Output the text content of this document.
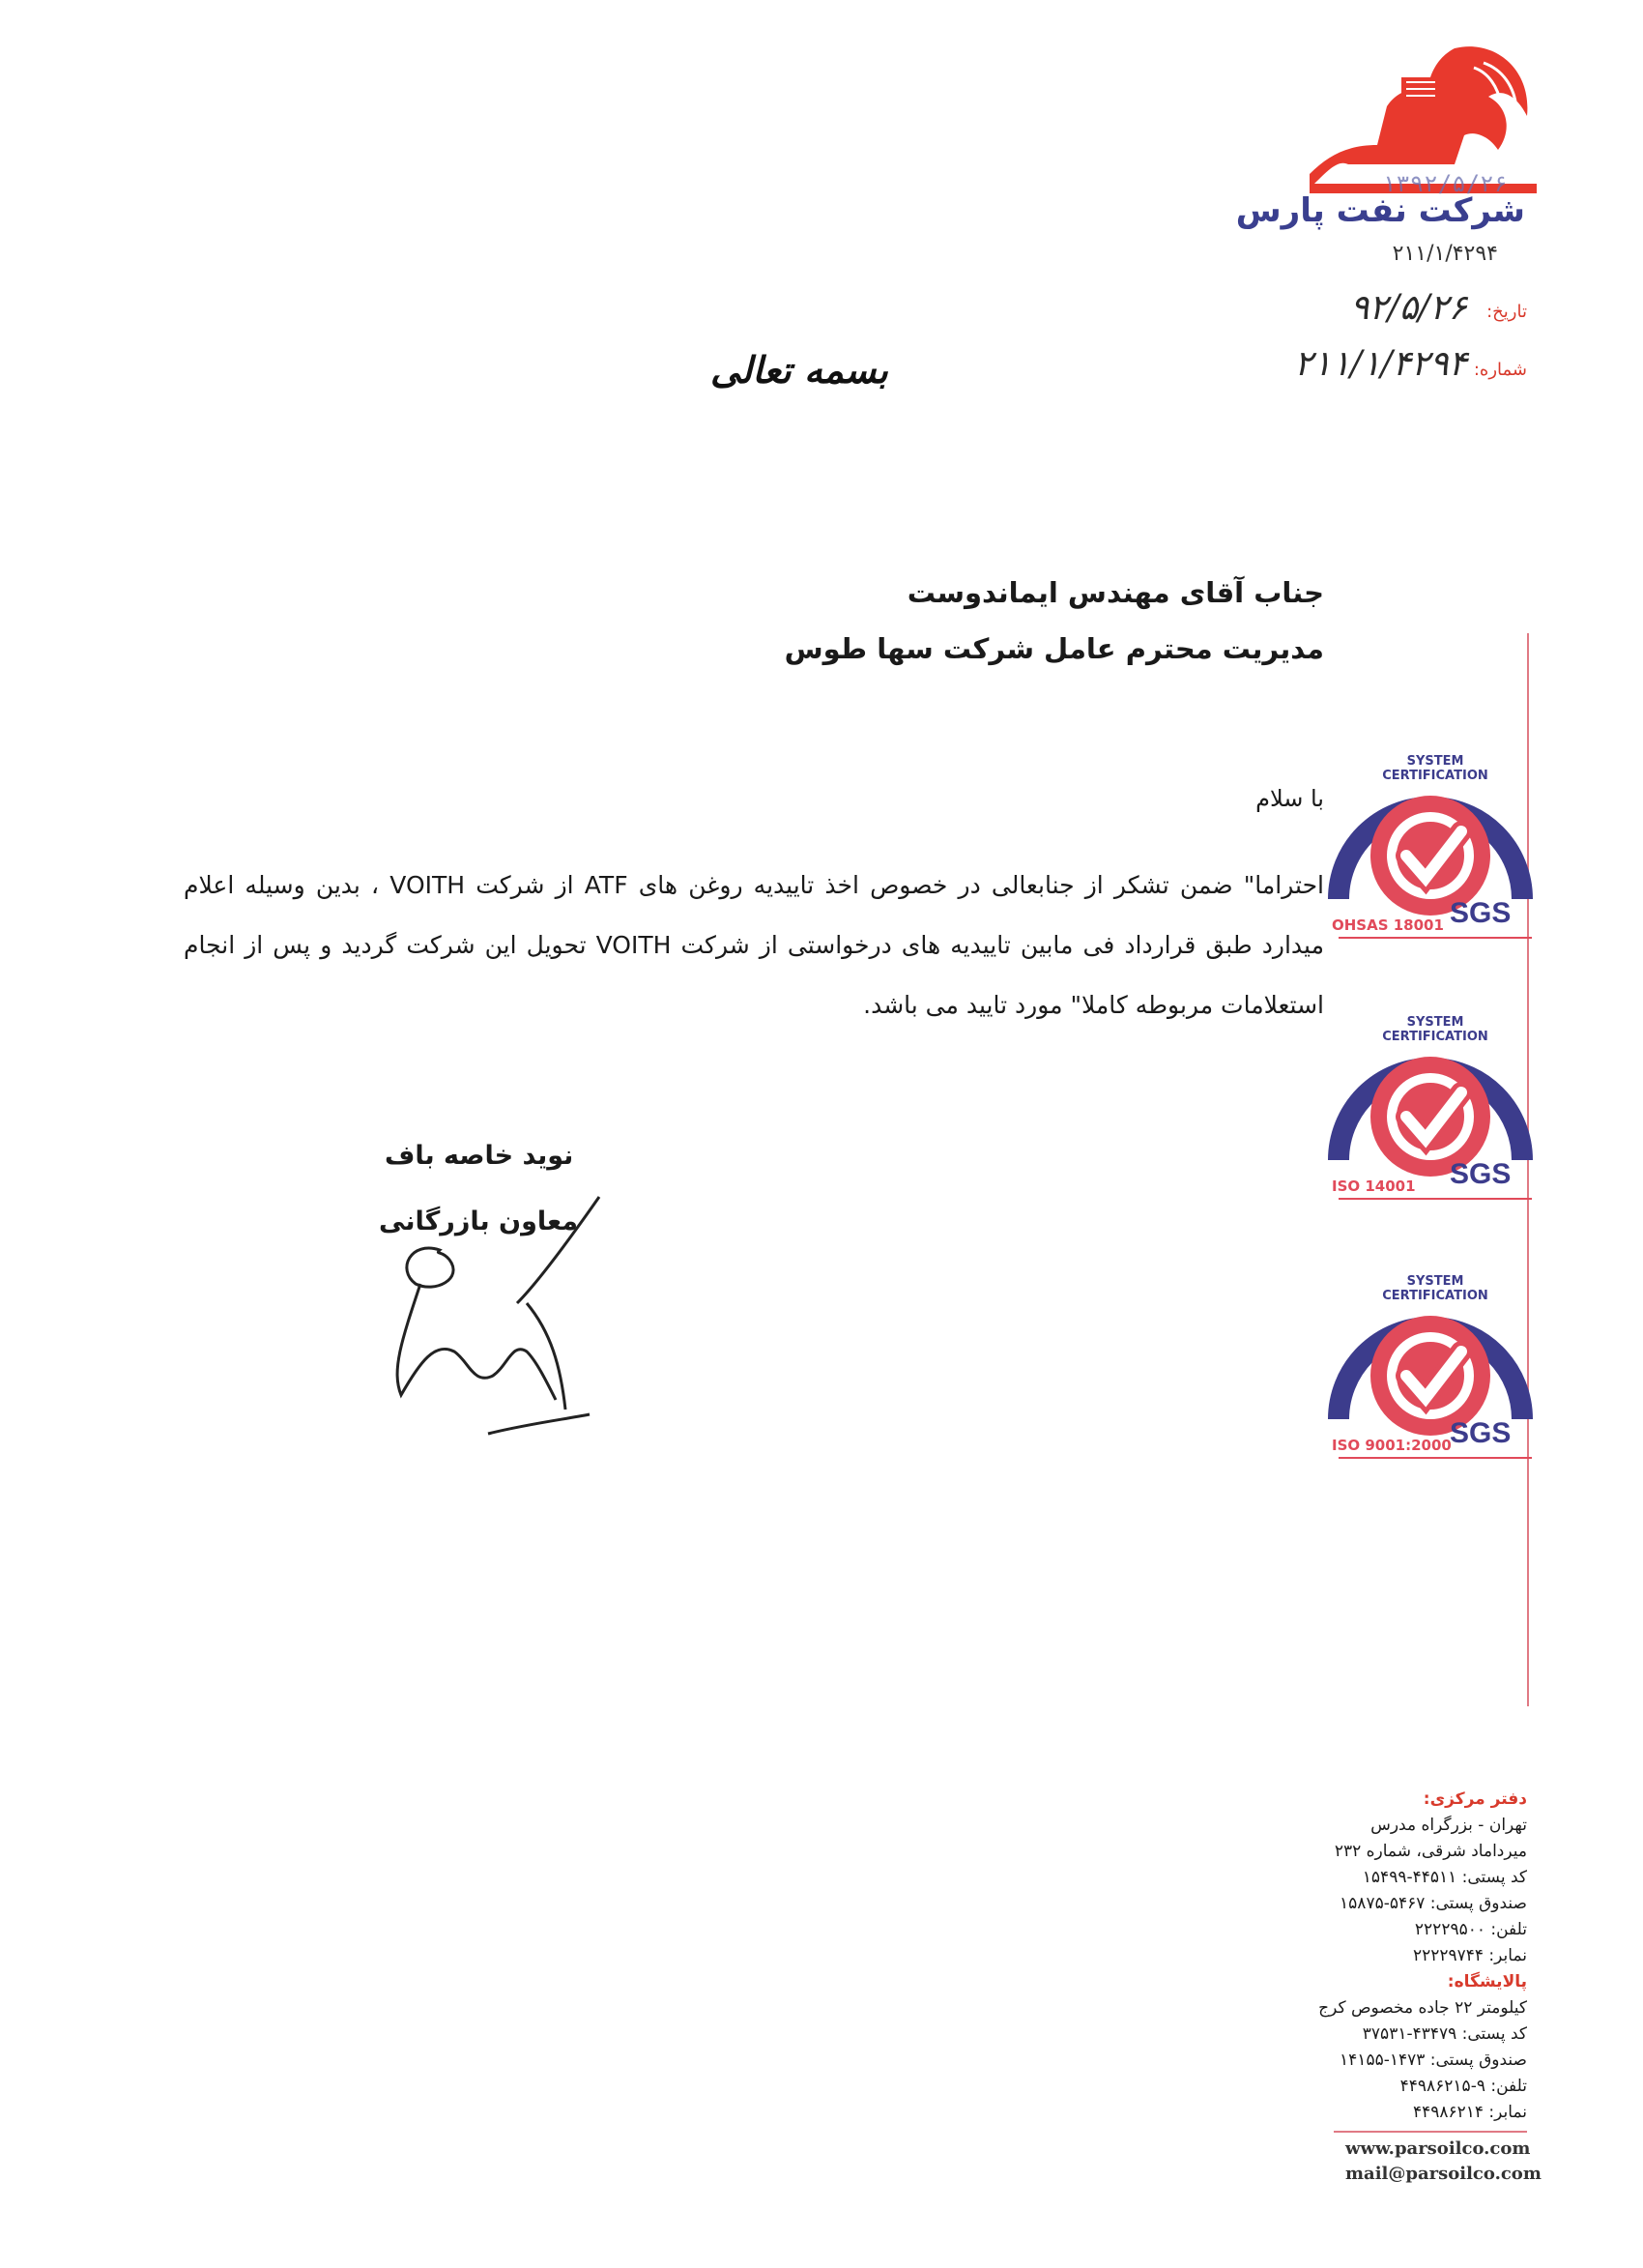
۱۳۹۲/۵/۲۶
شرکت نفت پارس
۲۱۱/۱/۴۲۹۴
تاریخ:
۹۲/۵/۲۶
شماره:
۲۱۱/۱/۴۲۹۴
بسمه تعالی
جناب آقای مهندس ایماندوست
مدیریت محترم عامل شرکت سها طوس
با سلام
احتراما" ضمن تشکر از جنابعالی در خصوص اخذ تاییدیه روغن های ATF از شرکت VOITH ، بدین وسیله اعلام میدارد طبق قرارداد فی مابین تاییدیه های درخواستی از شرکت VOITH تحویل این شرکت گردید و پس از انجام استعلامات مربوطه کاملا" مورد تایید می باشد.
نوید خاصه باف
معاون بازرگانی
SYSTEM CERTIFICATION
OHSAS 18001 SGS
SYSTEM CERTIFICATION
ISO 14001 SGS
SYSTEM CERTIFICATION
ISO 9001:2000
SGS
دفتر مرکزی:
تهران - بزرگراه مدرس
میرداماد شرقی، شماره ۲۳۲
کد پستی: ۴۴۵۱۱-۱۵۴۹۹
صندوق پستی: ۵۴۶۷-۱۵۸۷۵
تلفن: ۲۲۲۲۹۵۰۰
نمابر: ۲۲۲۲۹۷۴۴
پالایشگاه:
کیلومتر ۲۲ جاده مخصوص کرج
کد پستی: ۴۳۴۷۹-۳۷۵۳۱
صندوق پستی: ۱۴۷۳-۱۴۱۵۵
تلفن: ۹-۴۴۹۸۶۲۱۵
نمابر: ۴۴۹۸۶۲۱۴
www.parsoilco.com
mail@parsoilco.com
